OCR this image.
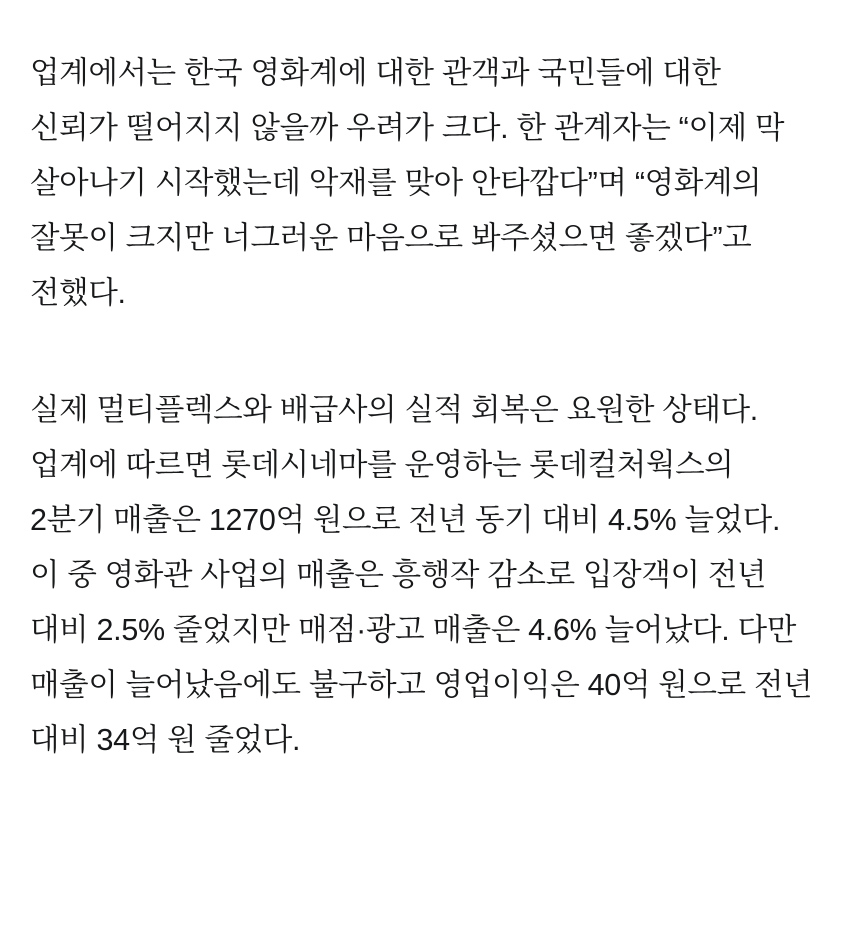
업계에서는 한국 영화계에 대한 관객과 국민들에 대한 신뢰가 떨어지지 않을까 우려가 크다. 한 관계자는 “이제 막 살아나기 시작했는데 악재를 맞아 안타깝다”며 “영화계의 잘못이 크지만 너그러운 마음으로 봐주셨으면 좋겠다”고 전했다.

실제 멀티플렉스와 배급사의 실적 회복은 요원한 상태다. 업계에 따르면 롯데시네마를 운영하는 롯데컬처웍스의 2분기 매출은 1270억 원으로 전년 동기 대비 4.5% 늘었다. 이 중 영화관 사업의 매출은 흥행작 감소로 입장객이 전년 대비 2.5% 줄었지만 매점·광고 매출은 4.6% 늘어났다. 다만 매출이 늘어났음에도 불구하고 영업이익은 40억 원으로 전년 대비 34억 원 줄었다.
